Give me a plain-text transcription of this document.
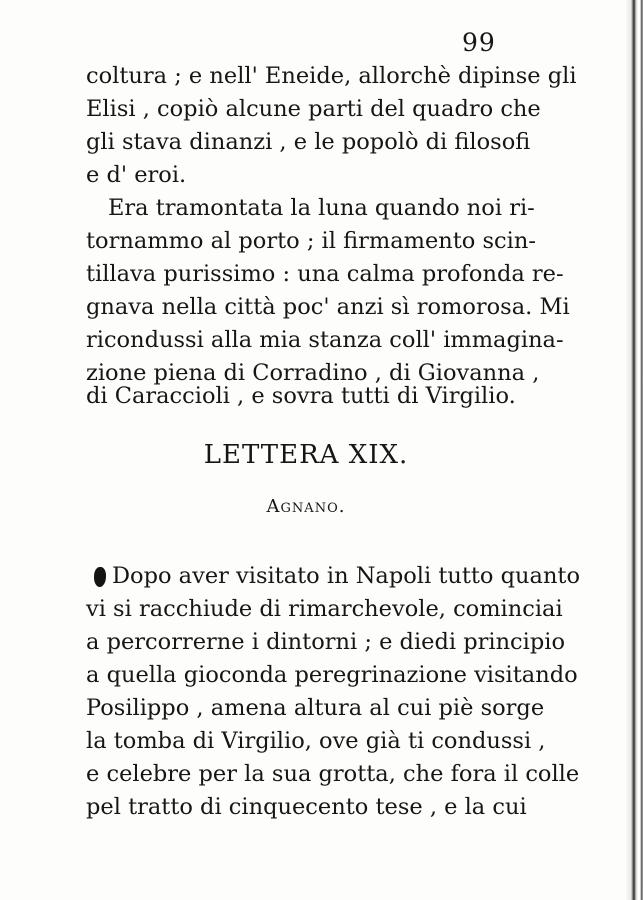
99
coltura ; e nell' Eneide, allorchè dipinse gli
Elisi , copiò alcune parti del quadro che
gli stava dinanzi , e le popolò di filosofi
e d' eroi.
Era tramontata la luna quando noi ri-
tornammo al porto ; il firmamento scin-
tillava purissimo : una calma profonda re-
gnava nella città poc' anzi sì romorosa. Mi
ricondussi alla mia stanza coll' immagina-
zione piena di Corradino , di Giovanna ,
di Caraccioli , e sovra tutti di Virgilio.
LETTERA XIX.
Agnano.
Dopo aver visitato in Napoli tutto quanto
vi si racchiude di rimarchevole, cominciai
a percorrerne i dintorni ; e diedi principio
a quella gioconda peregrinazione visitando
Posilippo , amena altura al cui piè sorge
la tomba di Virgilio, ove già ti condussi ,
e celebre per la sua grotta, che fora il colle
pel tratto di cinquecento tese , e la cui
